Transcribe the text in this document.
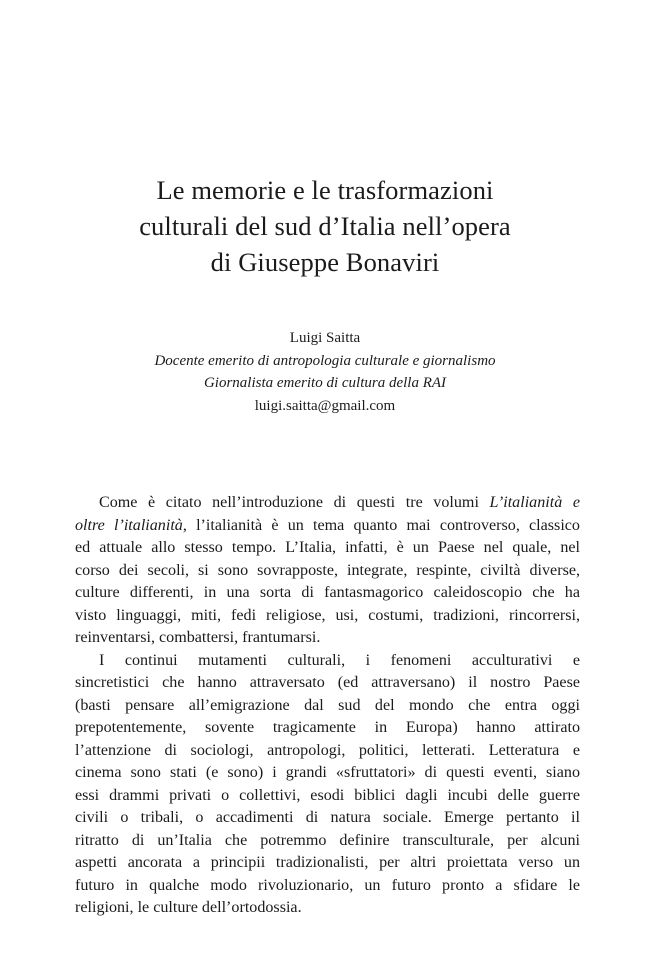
Le memorie e le trasformazioni
culturali del sud d’Italia nell’opera
di Giuseppe Bonaviri
Luigi Saitta
Docente emerito di antropologia culturale e giornalismo
Giornalista emerito di cultura della RAI
luigi.saitta@gmail.com
Come è citato nell’introduzione di questi tre volumi L’italianità e
oltre l’italianità, l’italianità è un tema quanto mai controverso, classico
ed attuale allo stesso tempo. L’Italia, infatti, è un Paese nel quale, nel
corso dei secoli, si sono sovrapposte, integrate, respinte, civiltà diverse,
culture differenti, in una sorta di fantasmagorico caleidoscopio che ha
visto linguaggi, miti, fedi religiose, usi, costumi, tradizioni, rincorrersi,
reinventarsi, combattersi, frantumarsi.
I continui mutamenti culturali, i fenomeni acculturativi e
sincretistici che hanno attraversato (ed attraversano) il nostro Paese
(basti pensare all’emigrazione dal sud del mondo che entra oggi
prepotentemente, sovente tragicamente in Europa) hanno attirato
l’attenzione di sociologi, antropologi, politici, letterati. Letteratura e
cinema sono stati (e sono) i grandi «sfruttatori» di questi eventi, siano
essi drammi privati o collettivi, esodi biblici dagli incubi delle guerre
civili o tribali, o accadimenti di natura sociale. Emerge pertanto il
ritratto di un’Italia che potremmo definire transculturale, per alcuni
aspetti ancorata a principii tradizionalisti, per altri proiettata verso un
futuro in qualche modo rivoluzionario, un futuro pronto a sfidare le
religioni, le culture dell’ortodossia.
